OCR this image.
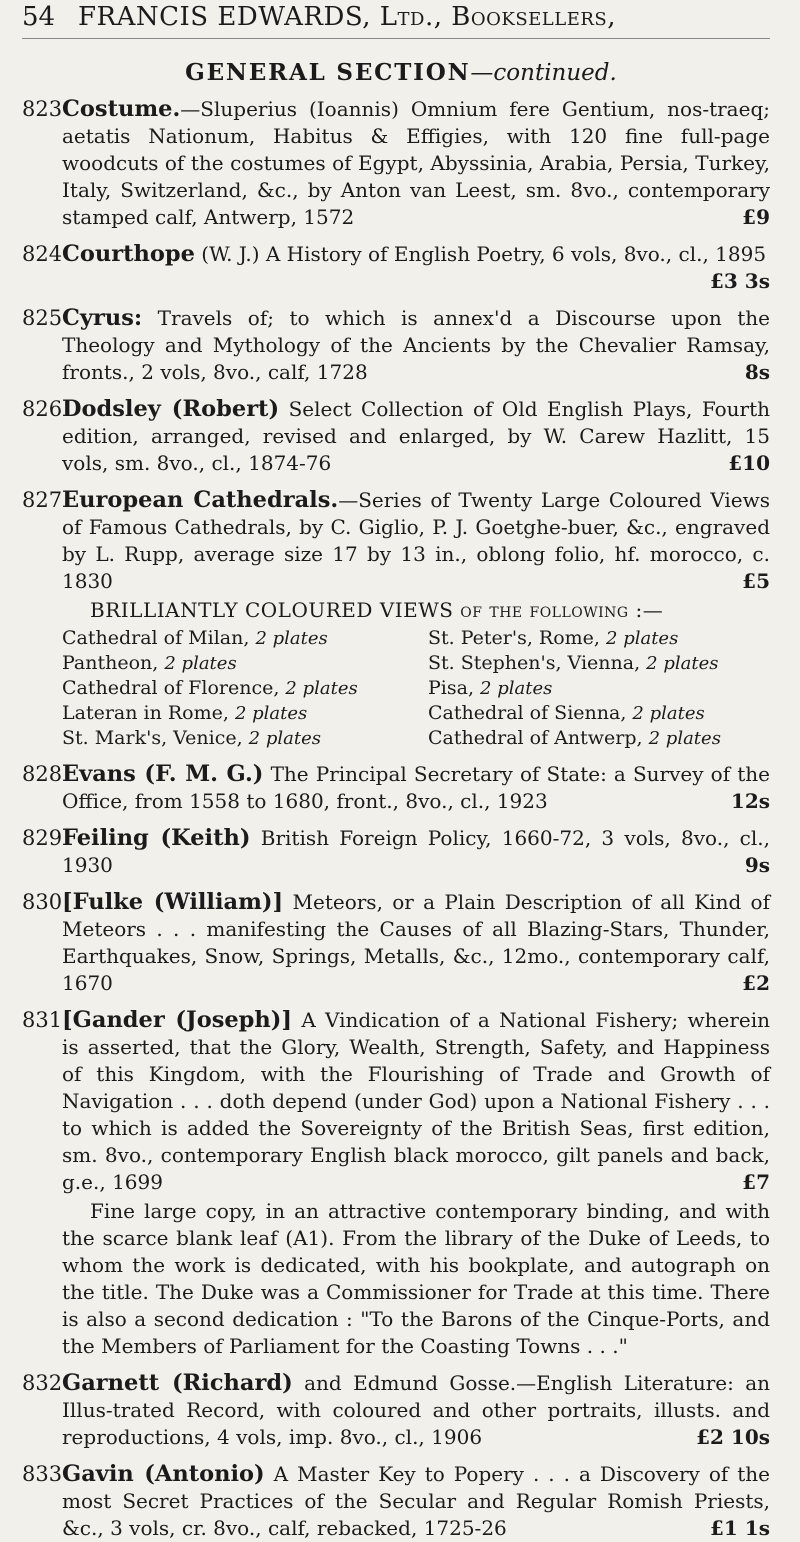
54 FRANCIS EDWARDS, Ltd., Booksellers,
GENERAL SECTION—continued.
823 Costume.—Sluperius (Ioannis) Omnium fere Gentium, nos-traeq; aetatis Nationum, Habitus & Effigies, with 120 fine full-page woodcuts of the costumes of Egypt, Abyssinia, Arabia, Persia, Turkey, Italy, Switzerland, &c., by Anton van Leest, sm. 8vo., contemporary stamped calf, Antwerp, 1572	£9
824 Courthope (W. J.) A History of English Poetry, 6 vols, 8vo., cl., 1895
£3 3s
825 Cyrus: Travels of; to which is annex'd a Discourse upon the Theology and Mythology of the Ancients by the Chevalier Ramsay, fronts., 2 vols, 8vo., calf, 1728	8s
826 Dodsley (Robert) Select Collection of Old English Plays, Fourth edition, arranged, revised and enlarged, by W. Carew Hazlitt, 15 vols, sm. 8vo., cl., 1874-76	£10
827 European Cathedrals.—Series of Twenty Large Coloured Views of Famous Cathedrals, by C. Giglio, P. J. Goetghe-buer, &c., engraved by L. Rupp, average size 17 by 13 in., oblong folio, hf. morocco, c. 1830	£5
BRILLIANTLY COLOURED VIEWS of the following :—
Cathedral of Milan, 2 plates	St. Peter's, Rome, 2 plates
Pantheon, 2 plates	St. Stephen's, Vienna, 2 plates
Cathedral of Florence, 2 plates	Pisa, 2 plates
Lateran in Rome, 2 plates	Cathedral of Sienna, 2 plates
St. Mark's, Venice, 2 plates	Cathedral of Antwerp, 2 plates
828 Evans (F. M. G.) The Principal Secretary of State: a Survey of the Office, from 1558 to 1680, front., 8vo., cl., 1923	12s
829 Feiling (Keith) British Foreign Policy, 1660-72, 3 vols, 8vo., cl., 1930	9s
830 [Fulke (William)] Meteors, or a Plain Description of all Kind of Meteors . . . manifesting the Causes of all Blazing-Stars, Thunder, Earthquakes, Snow, Springs, Metalls, &c., 12mo., contemporary calf, 1670	£2
831 [Gander (Joseph)] A Vindication of a National Fishery; wherein is asserted, that the Glory, Wealth, Strength, Safety, and Happiness of this Kingdom, with the Flourishing of Trade and Growth of Navigation . . . doth depend (under God) upon a National Fishery . . . to which is added the Sovereignty of the British Seas, first edition, sm. 8vo., contemporary English black morocco, gilt panels and back, g.e., 1699	£7
Fine large copy, in an attractive contemporary binding, and with the scarce blank leaf (A1). From the library of the Duke of Leeds, to whom the work is dedicated, with his bookplate, and autograph on the title. The Duke was a Commissioner for Trade at this time. There is also a second dedication : "To the Barons of the Cinque-Ports, and the Members of Parliament for the Coasting Towns . . ."
832 Garnett (Richard) and Edmund Gosse.—English Literature: an Illus-trated Record, with coloured and other portraits, illusts. and reproductions, 4 vols, imp. 8vo., cl., 1906	£2 10s
833 Gavin (Antonio) A Master Key to Popery . . . a Discovery of the most Secret Practices of the Secular and Regular Romish Priests, &c., 3 vols, cr. 8vo., calf, rebacked, 1725-26	£1 1s
